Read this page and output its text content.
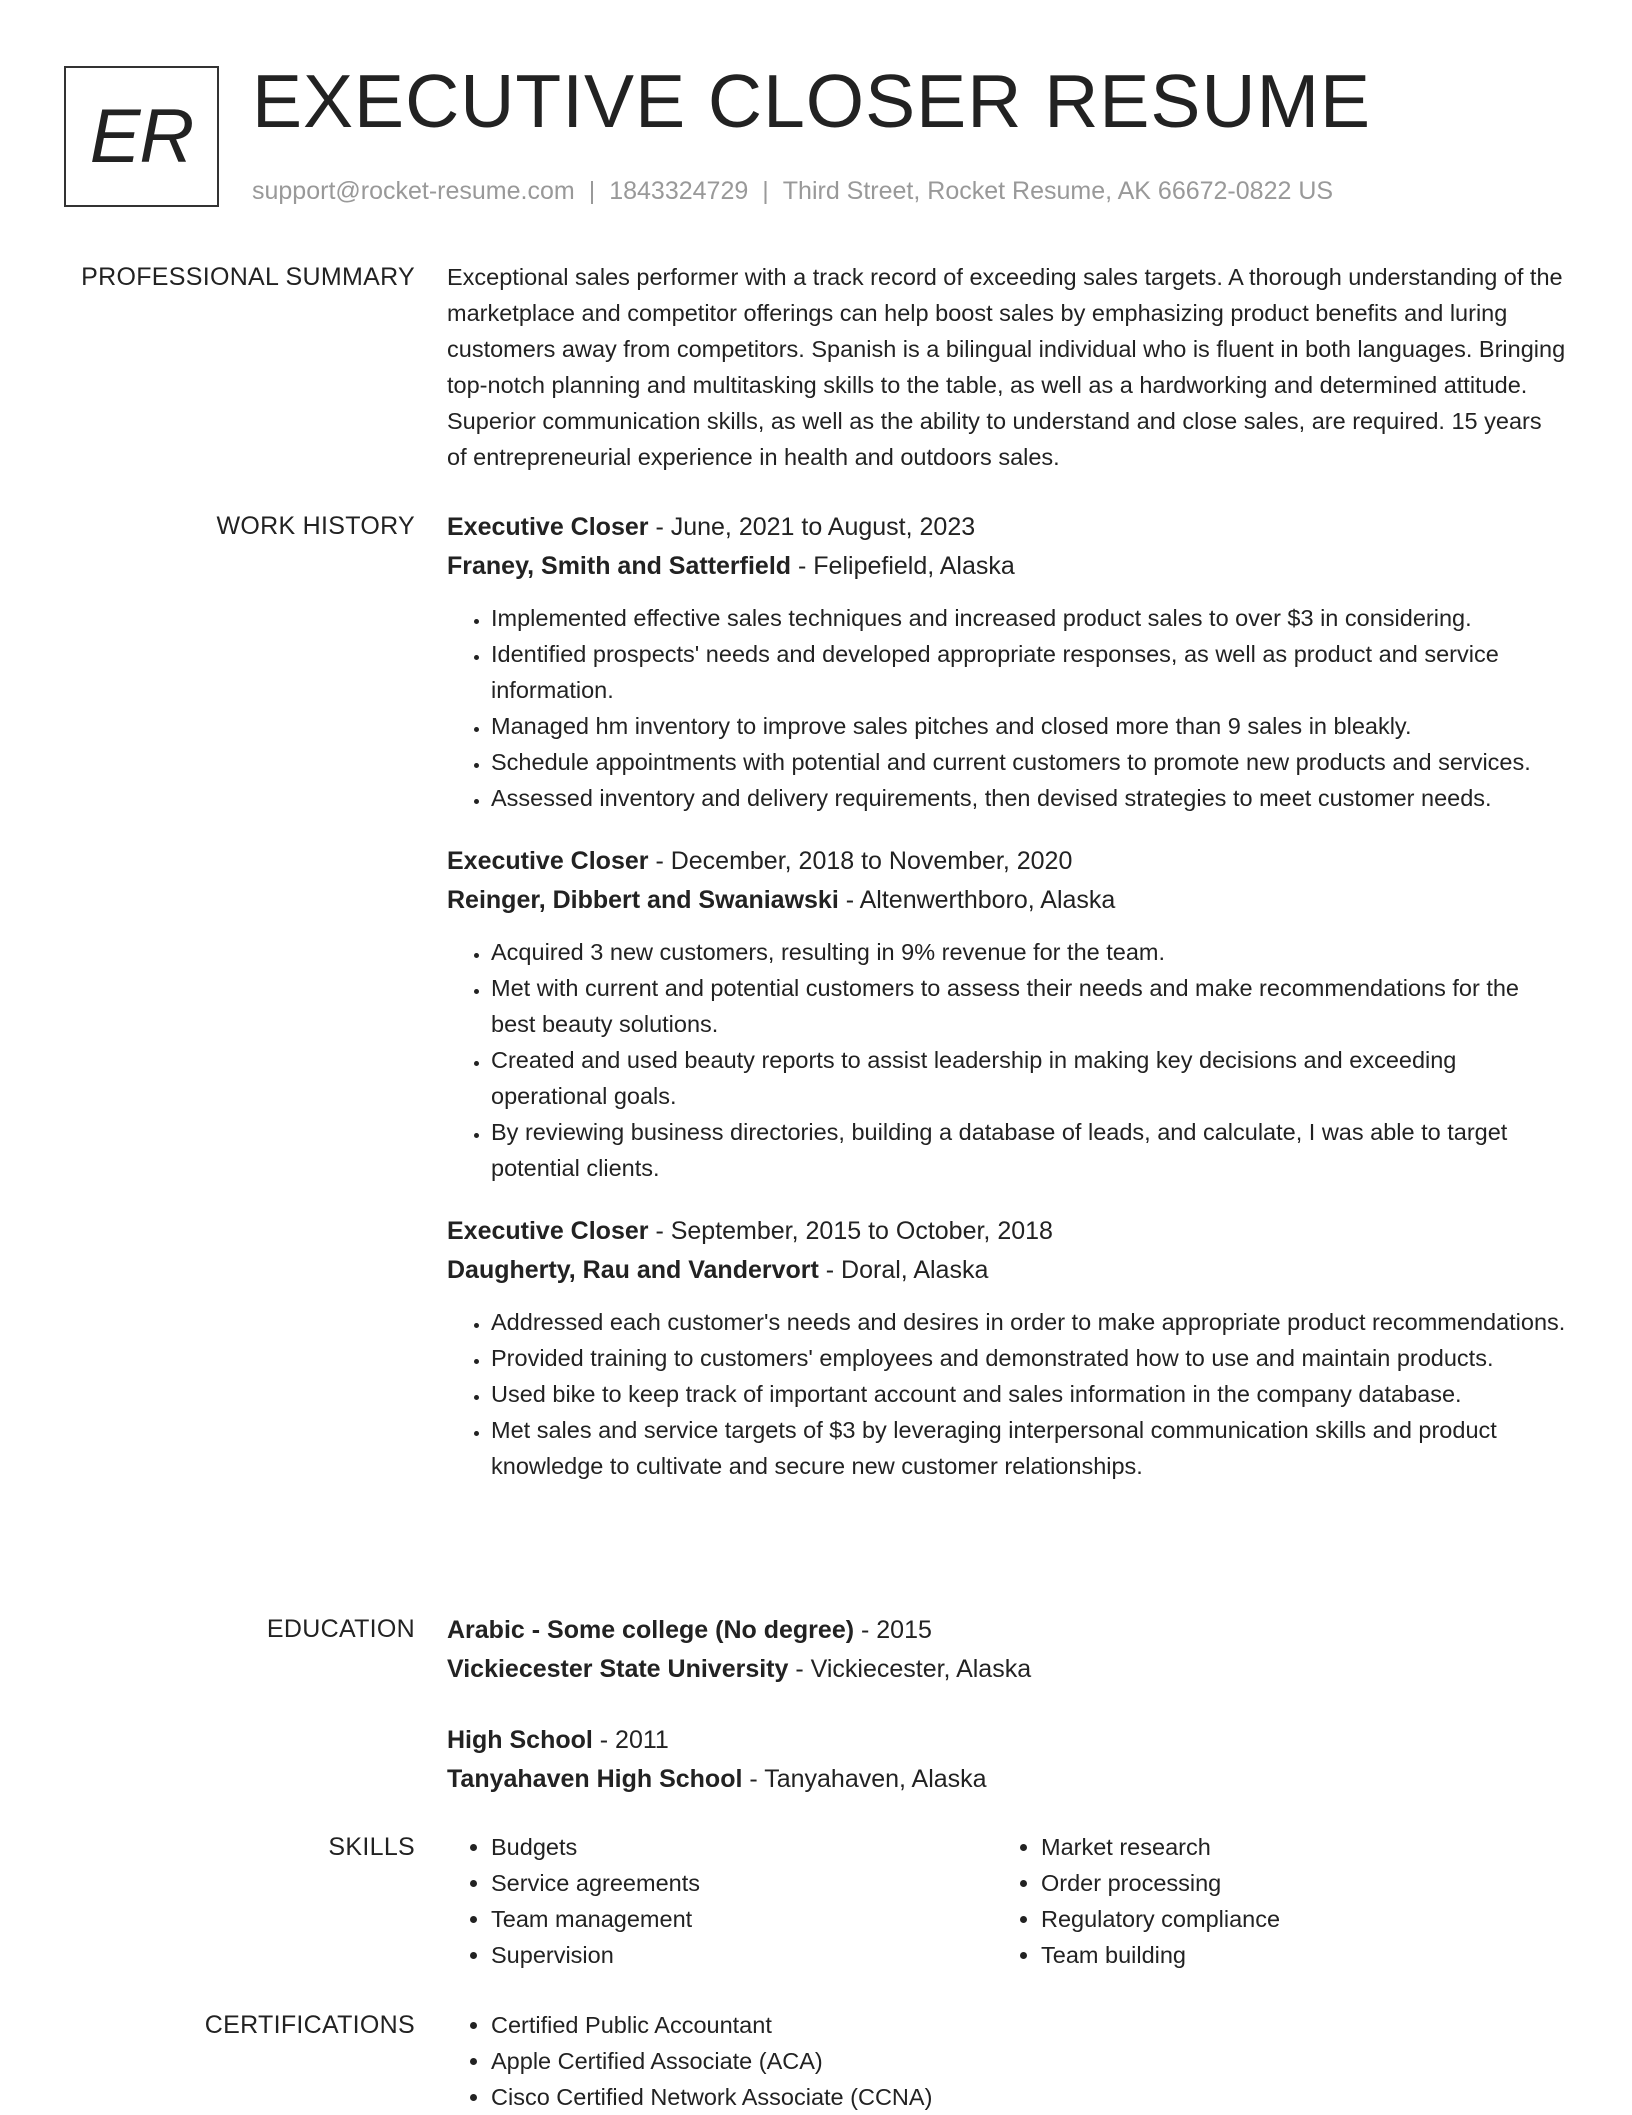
ER EXECUTIVE CLOSER RESUME
support@rocket-resume.com | 1843324729 | Third Street, Rocket Resume, AK 66672-0822 US
PROFESSIONAL SUMMARY Exceptional sales performer with a track record of exceeding sales targets. A thorough understanding of the marketplace and competitor offerings can help boost sales by emphasizing product benefits and luring customers away from competitors. Spanish is a bilingual individual who is fluent in both languages. Bringing top-notch planning and multitasking skills to the table, as well as a hardworking and determined attitude. Superior communication skills, as well as the ability to understand and close sales, are required. 15 years of entrepreneurial experience in health and outdoors sales.

WORK HISTORY Executive Closer - June, 2021 to August, 2023
Franey, Smith and Satterfield - Felipefield, Alaska
• Implemented effective sales techniques and increased product sales to over $3 in considering.
• Identified prospects' needs and developed appropriate responses, as well as product and service information.
• Managed hm inventory to improve sales pitches and closed more than 9 sales in bleakly.
• Schedule appointments with potential and current customers to promote new products and services.
• Assessed inventory and delivery requirements, then devised strategies to meet customer needs.
Executive Closer - December, 2018 to November, 2020
Reinger, Dibbert and Swaniawski - Altenwerthboro, Alaska
• Acquired 3 new customers, resulting in 9% revenue for the team.
• Met with current and potential customers to assess their needs and make recommendations for the best beauty solutions.
• Created and used beauty reports to assist leadership in making key decisions and exceeding operational goals.
• By reviewing business directories, building a database of leads, and calculate, I was able to target potential clients.
Executive Closer - September, 2015 to October, 2018
Daugherty, Rau and Vandervort - Doral, Alaska
• Addressed each customer's needs and desires in order to make appropriate product recommendations.
• Provided training to customers' employees and demonstrated how to use and maintain products.
• Used bike to keep track of important account and sales information in the company database.
• Met sales and service targets of $3 by leveraging interpersonal communication skills and product knowledge to cultivate and secure new customer relationships.
EDUCATION Arabic - Some college (No degree) - 2015
Vickiecester State University - Vickiecester, Alaska
High School - 2011
Tanyahaven High School - Tanyahaven, Alaska
SKILLS	• Budgets
• Service agreements
• Team management
• Supervision
• Market research
• Order processing
• Regulatory compliance
• Team building
CERTIFICATIONS	• Certified Public Accountant
• Apple Certified Associate (ACA)
• Cisco Certified Network Associate (CCNA)
